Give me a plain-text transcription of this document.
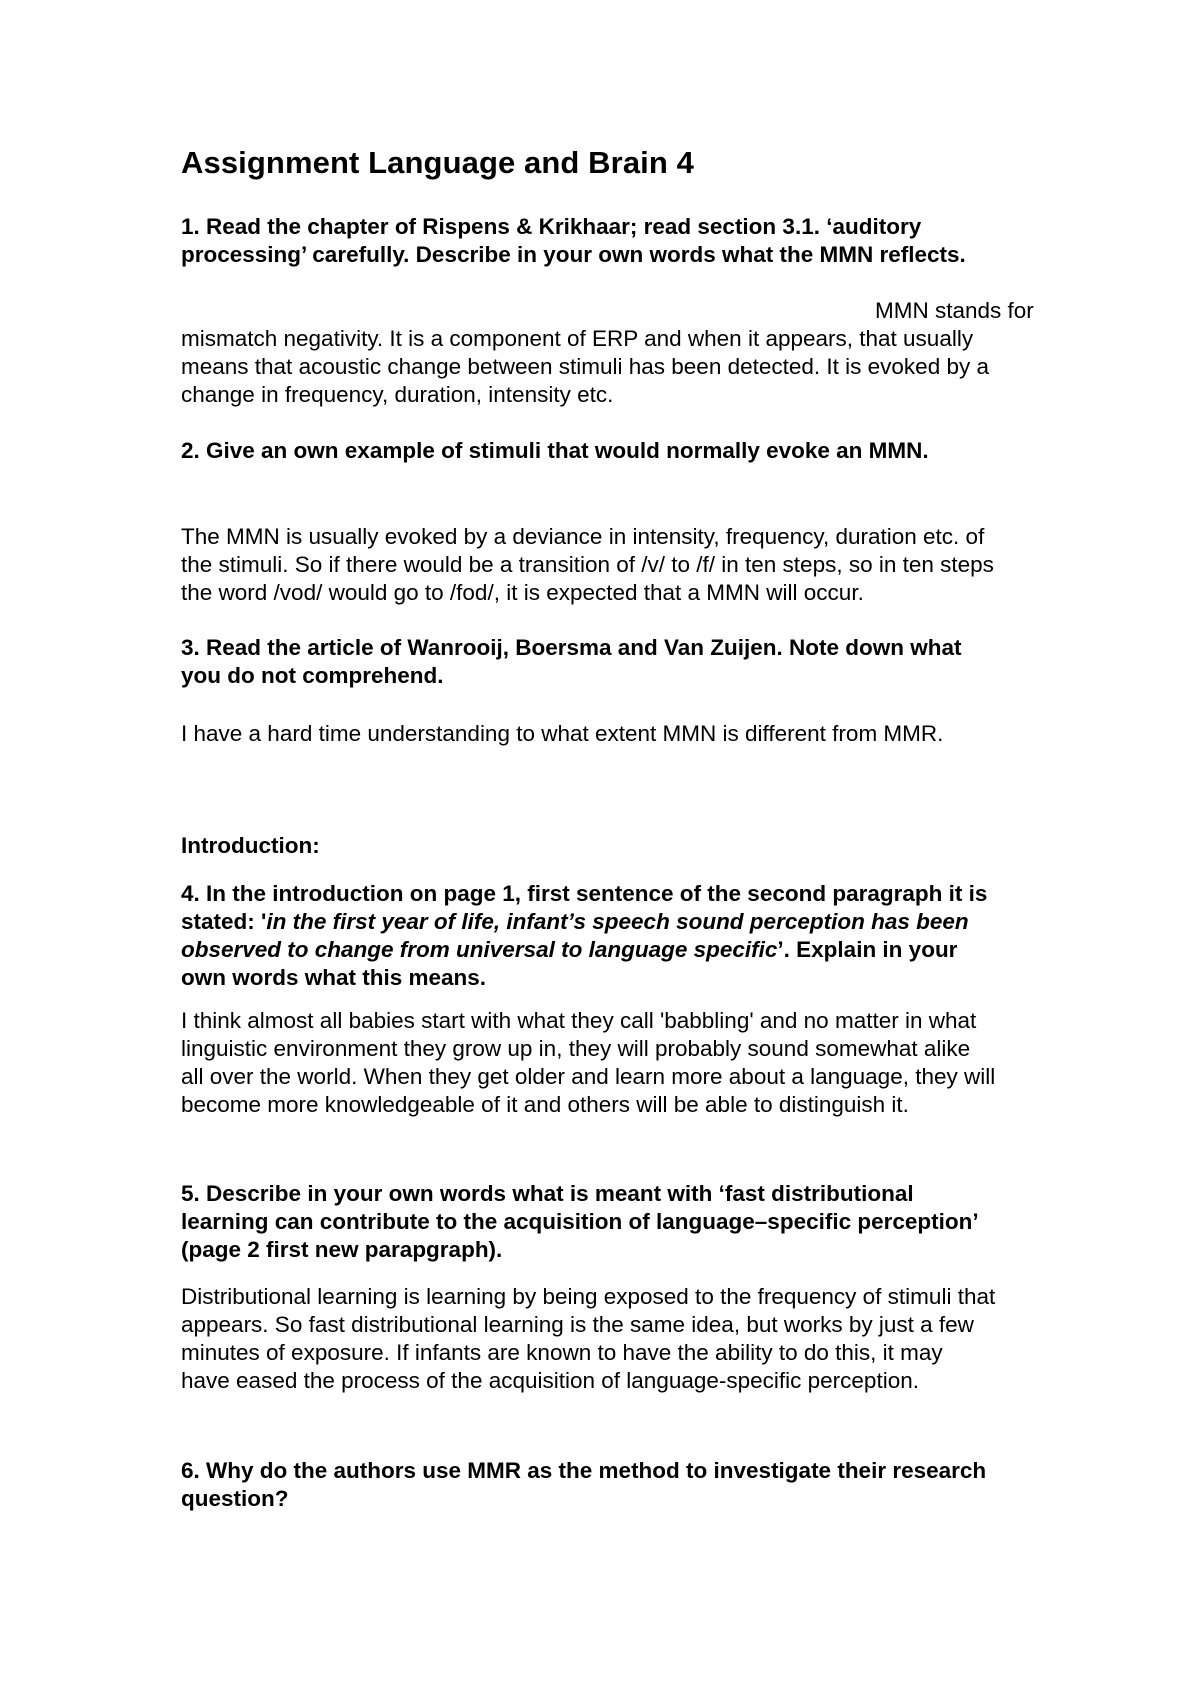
Assignment Language and Brain 4

1. Read the chapter of Rispens & Krikhaar; read section 3.1. ‘auditory
processing’ carefully. Describe in your own words what the MMN reflects.

MMN stands for
mismatch negativity. It is a component of ERP and when it appears, that usually
means that acoustic change between stimuli has been detected. It is evoked by a
change in frequency, duration, intensity etc.

2. Give an own example of stimuli that would normally evoke an MMN.

The MMN is usually evoked by a deviance in intensity, frequency, duration etc. of
the stimuli. So if there would be a transition of /v/ to /f/ in ten steps, so in ten steps
the word /vod/ would go to /fod/, it is expected that a MMN will occur.

3. Read the article of Wanrooij, Boersma and Van Zuijen. Note down what
you do not comprehend.

I have a hard time understanding to what extent MMN is different from MMR.

Introduction:

4. In the introduction on page 1, first sentence of the second paragraph it is
stated: 'in the first year of life, infant’s speech sound perception has been
observed to change from universal to language specific’. Explain in your
own words what this means.

I think almost all babies start with what they call 'babbling' and no matter in what
linguistic environment they grow up in, they will probably sound somewhat alike
all over the world. When they get older and learn more about a language, they will
become more knowledgeable of it and others will be able to distinguish it.

5. Describe in your own words what is meant with ‘fast distributional
learning can contribute to the acquisition of language–specific perception’
(page 2 first new parapgraph).

Distributional learning is learning by being exposed to the frequency of stimuli that
appears. So fast distributional learning is the same idea, but works by just a few
minutes of exposure. If infants are known to have the ability to do this, it may
have eased the process of the acquisition of language-specific perception.

6. Why do the authors use MMR as the method to investigate their research
question?
